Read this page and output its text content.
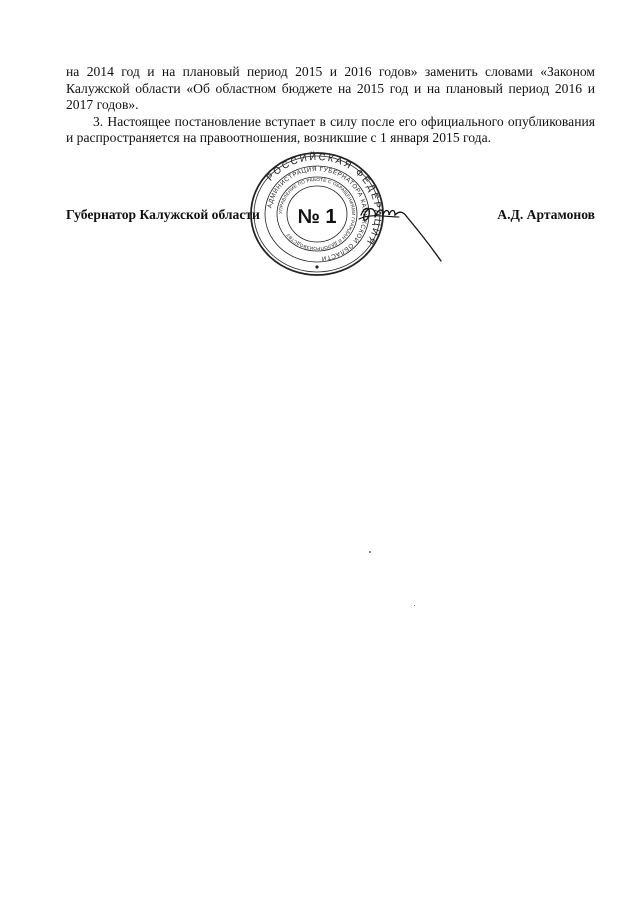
на 2014 год и на плановый период 2015 и 2016 годов» заменить словами «Законом Калужской области «Об областном бюджете на 2015 год и на плановый период 2016 и 2017 годов».

3. Настоящее постановление вступает в силу после его официального опубликования и распространяется на правоотношения, возникшие с 1 января 2015 года.

Губернатор Калужской области	А.Д. Артамонов
РОССИЙСКАЯ ФЕДЕРАЦИЯ
АДМИНИСТРАЦИЯ ГУБЕРНАТОРА КАЛУЖСКОЙ ОБЛАСТИ
УПРАВЛЕНИЕ ПО РАБОТЕ С ОБРАЩЕНИЯМИ ГРАЖДАН И ДЕЛОПРОИЗВОДСТВУ
№ 1
